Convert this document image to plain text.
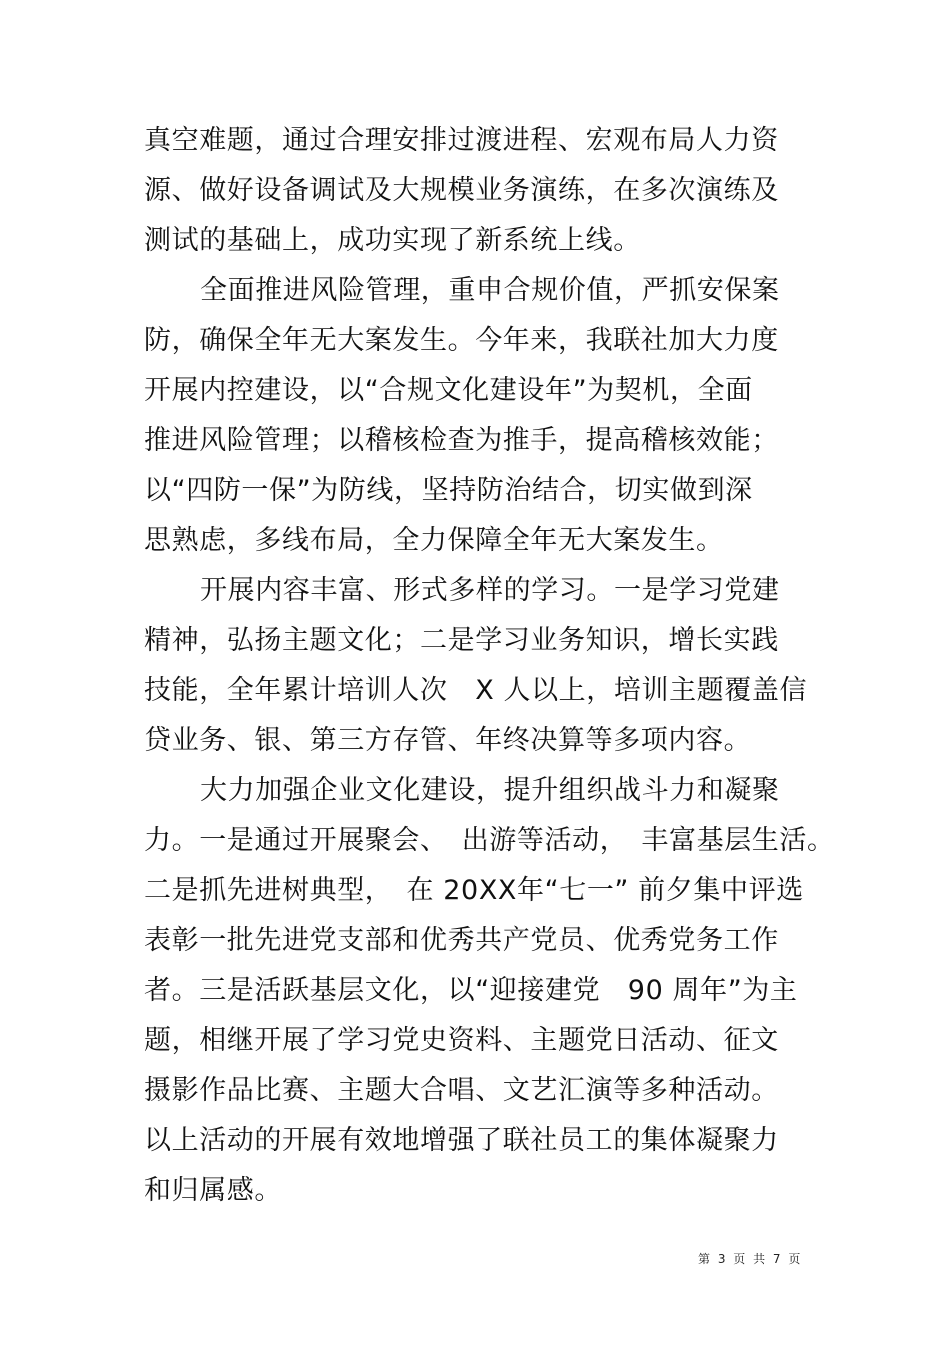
真空难题，通过合理安排过渡进程、宏观布局人力资
源、做好设备调试及大规模业务演练，在多次演练及
测试的基础上，成功实现了新系统上线。
全面推进风险管理，重申合规价值，严抓安保案
防，确保全年无大案发生。今年来，我联社加大力度
开展内控建设，以“合规文化建设年”为契机，全面
推进风险管理；以稽核检查为推手，提高稽核效能；
以“四防一保”为防线，坚持防治结合，切实做到深
思熟虑，多线布局，全力保障全年无大案发生。
开展内容丰富、形式多样的学习。一是学习党建
精神，弘扬主题文化；二是学习业务知识，增长实践
技能，全年累计培训人次　X 人以上，培训主题覆盖信
贷业务、银、第三方存管、年终决算等多项内容。
大力加强企业文化建设，提升组织战斗力和凝聚
力。一是通过开展聚会、　出游等活动，　丰富基层生活。
二是抓先进树典型，　在 20XX年“七一” 前夕集中评选
表彰一批先进党支部和优秀共产党员、优秀党务工作
者。三是活跃基层文化，以“迎接建党　90 周年”为主
题，相继开展了学习党史资料、主题党日活动、征文
摄影作品比赛、主题大合唱、文艺汇演等多种活动。
以上活动的开展有效地增强了联社员工的集体凝聚力
和归属感。
第 3 页 共 7 页
